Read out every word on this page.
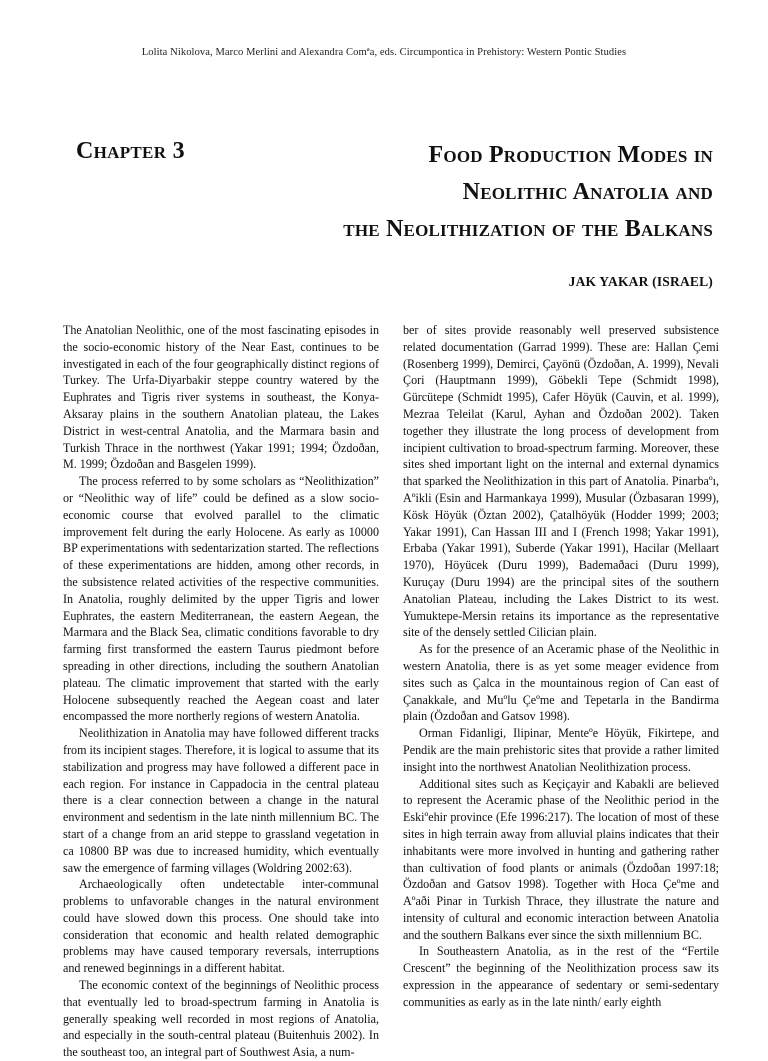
Lolita Nikolova, Marco Merlini and Alexandra Comªa, eds. Circumpontica in Prehistory: Western Pontic Studies
Chapter 3	Food Production Modes in
Neolithic Anatolia and
the Neolithization of the Balkans
JAK YAKAR (ISRAEL)

The Anatolian Neolithic, one of the most fascinating episodes in the socio-economic history of the Near East, continues to be investigated in each of the four geographically distinct regions of Turkey. The Urfa-Diyarbakir steppe country watered by the Euphrates and Tigris river systems in southeast, the Konya-Aksaray plains in the southern Anatolian plateau, the Lakes District in west-central Anatolia, and the Marmara basin and Turkish Thrace in the northwest (Yakar 1991; 1994; Özdoðan, M. 1999; Özdoðan and Basgelen 1999).

The process referred to by some scholars as “Neolithization” or “Neolithic way of life” could be defined as a slow socio-economic course that evolved parallel to the climatic improvement felt during the early Holocene. As early as 10000 BP experimentations with sedentarization started. The reflections of these experimentations are hidden, among other records, in the subsistence related activities of the respective communities. In Anatolia, roughly delimited by the upper Tigris and lower Euphrates, the eastern Mediterranean, the eastern Aegean, the Marmara and the Black Sea, climatic conditions favorable to dry farming first transformed the eastern Taurus piedmont before spreading in other directions, including the southern Anatolian plateau. The climatic improvement that started with the early Holocene subsequently reached the Aegean coast and later encompassed the more northerly regions of western Anatolia.

Neolithization in Anatolia may have followed different tracks from its incipient stages. Therefore, it is logical to assume that its stabilization and progress may have followed a different pace in each region. For instance in Cappadocia in the central plateau there is a clear connection between a change in the natural environment and sedentism in the late ninth millennium BC. The start of a change from an arid steppe to grassland vegetation in ca 10800 BP was due to increased humidity, which eventually saw the emergence of farming villages (Woldring 2002:63).

Archaeologically often undetectable inter-communal problems to unfavorable changes in the natural environment could have slowed down this process. One should take into consideration that economic and health related demographic problems may have caused temporary reversals, interruptions and renewed beginnings in a different habitat.

The economic context of the beginnings of Neolithic process that eventually led to broad-spectrum farming in Anatolia is generally speaking well recorded in most regions of Anatolia, and especially in the south-central plateau (Buitenhuis 2002). In the southeast too, an integral part of Southwest Asia, a num-

ber of sites provide reasonably well preserved subsistence related documentation (Garrad 1999). These are: Hallan Çemi (Rosenberg 1999), Demirci, Çayönü (Özdoðan, A. 1999), Nevali Çori (Hauptmann 1999), Göbekli Tepe (Schmidt 1998), Gürcütepe (Schmidt 1995), Cafer Höyük (Cauvin, et al. 1999), Mezraa Teleilat (Karul, Ayhan and Özdoðan 2002). Taken together they illustrate the long process of development from incipient cultivation to broad-spectrum farming. Moreover, these sites shed important light on the internal and external dynamics that sparked the Neolithization in this part of Anatolia. Pinarbaºı, Aºikli (Esin and Harmankaya 1999), Musular (Özbasaran 1999), Kösk Höyük (Öztan 2002), Çatalhöyük (Hodder 1999; 2003; Yakar 1991), Can Hassan III and I (French 1998; Yakar 1991), Erbaba (Yakar 1991), Suberde (Yakar 1991), Hacilar (Mellaart 1970), Höyücek (Duru 1999), Bademaðaci (Duru 1999), Kuruçay (Duru 1994) are the principal sites of the southern Anatolian Plateau, including the Lakes District to its west. Yumuktepe-Mersin retains its importance as the representative site of the densely settled Cilician plain.

As for the presence of an Aceramic phase of the Neolithic in western Anatolia, there is as yet some meager evidence from sites such as Çalca in the mountainous region of Can east of Çanakkale, and Muºlu Çeºme and Tepetarla in the Bandirma plain (Özdoðan and Gatsov 1998).

Orman Fidanligi, Ilipinar, Menteºe Höyük, Fikirtepe, and Pendik are the main prehistoric sites that provide a rather limited insight into the northwest Anatolian Neolithization process.

Additional sites such as Keçiçayir and Kabakli are believed to represent the Aceramic phase of the Neolithic period in the Eskiºehir province (Efe 1996:217). The location of most of these sites in high terrain away from alluvial plains indicates that their inhabitants were more involved in hunting and gathering rather than cultivation of food plants or animals (Özdoðan 1997:18; Özdoðan and Gatsov 1998). Together with Hoca Çeºme and Aºaði Pinar in Turkish Thrace, they illustrate the nature and intensity of cultural and economic interaction between Anatolia and the southern Balkans ever since the sixth millennium BC.

In Southeastern Anatolia, as in the rest of the “Fertile Crescent” the beginning of the Neolithization process saw its expression in the appearance of sedentary or semi-sedentary communities as early as in the late ninth/ early eighth
